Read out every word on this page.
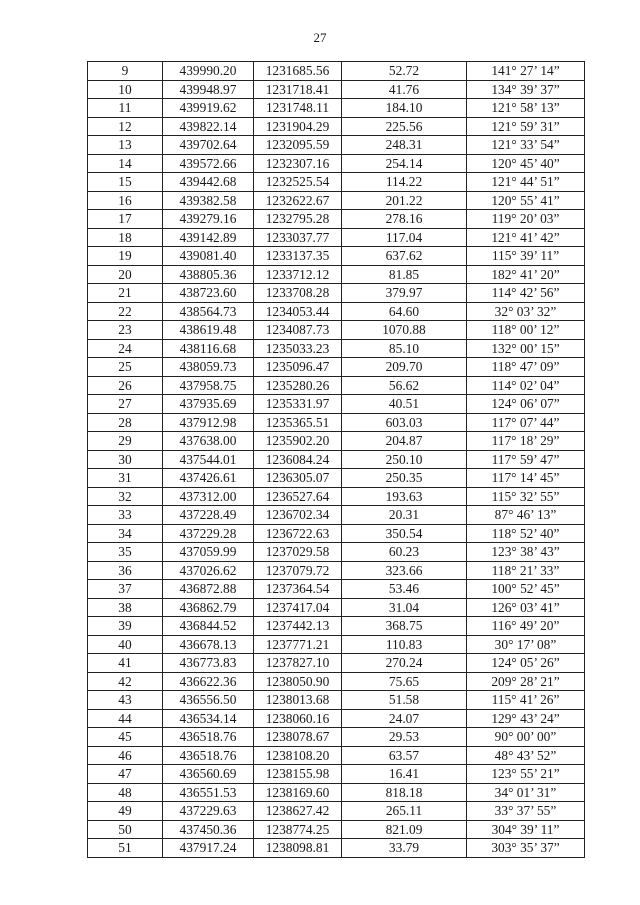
27
9	439990.20	1231685.56	52.72	141° 27’ 14”
10	439948.97	1231718.41	41.76	134° 39’ 37”
11	439919.62	1231748.11	184.10	121° 58’ 13”
12	439822.14	1231904.29	225.56	121° 59’ 31”
13	439702.64	1232095.59	248.31	121° 33’ 54”
14	439572.66	1232307.16	254.14	120° 45’ 40”
15	439442.68	1232525.54	114.22	121° 44’ 51”
16	439382.58	1232622.67	201.22	120° 55’ 41”
17	439279.16	1232795.28	278.16	119° 20’ 03”
18	439142.89	1233037.77	117.04	121° 41’ 42”
19	439081.40	1233137.35	637.62	115° 39’ 11”
20	438805.36	1233712.12	81.85	182° 41’ 20”
21	438723.60	1233708.28	379.97	114° 42’ 56”
22	438564.73	1234053.44	64.60	32° 03’ 32”
23	438619.48	1234087.73	1070.88	118° 00’ 12”
24	438116.68	1235033.23	85.10	132° 00’ 15”
25	438059.73	1235096.47	209.70	118° 47’ 09”
26	437958.75	1235280.26	56.62	114° 02’ 04”
27	437935.69	1235331.97	40.51	124° 06’ 07”
28	437912.98	1235365.51	603.03	117° 07’ 44”
29	437638.00	1235902.20	204.87	117° 18’ 29”
30	437544.01	1236084.24	250.10	117° 59’ 47”
31	437426.61	1236305.07	250.35	117° 14’ 45”
32	437312.00	1236527.64	193.63	115° 32’ 55”
33	437228.49	1236702.34	20.31	87° 46’ 13”
34	437229.28	1236722.63	350.54	118° 52’ 40”
35	437059.99	1237029.58	60.23	123° 38’ 43”
36	437026.62	1237079.72	323.66	118° 21’ 33”
37	436872.88	1237364.54	53.46	100° 52’ 45”
38	436862.79	1237417.04	31.04	126° 03’ 41”
39	436844.52	1237442.13	368.75	116° 49’ 20”
40	436678.13	1237771.21	110.83	30° 17’ 08”
41	436773.83	1237827.10	270.24	124° 05’ 26”
42	436622.36	1238050.90	75.65	209° 28’ 21”
43	436556.50	1238013.68	51.58	115° 41’ 26”
44	436534.14	1238060.16	24.07	129° 43’ 24”
45	436518.76	1238078.67	29.53	90° 00’ 00”
46	436518.76	1238108.20	63.57	48° 43’ 52”
47	436560.69	1238155.98	16.41	123° 55’ 21”
48	436551.53	1238169.60	818.18	34° 01’ 31”
49	437229.63	1238627.42	265.11	33° 37’ 55”
50	437450.36	1238774.25	821.09	304° 39’ 11”
51	437917.24	1238098.81	33.79	303° 35’ 37”
